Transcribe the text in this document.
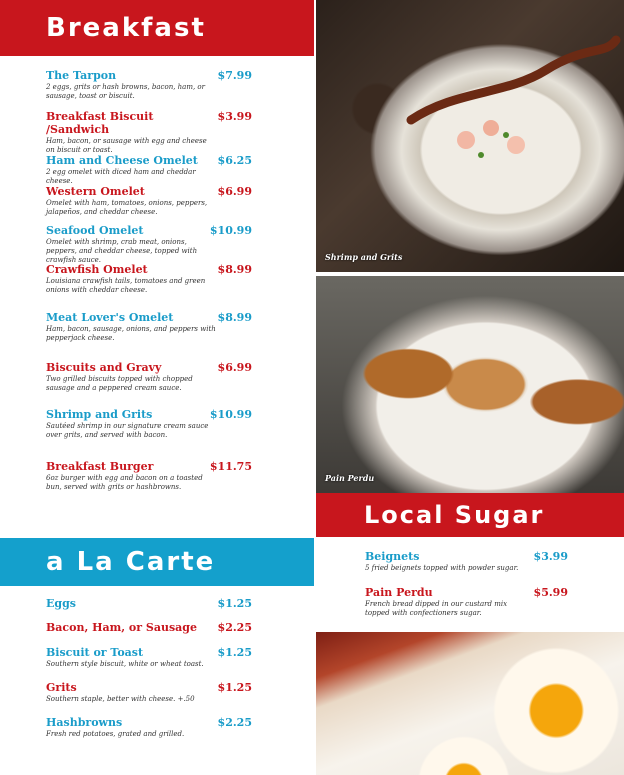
Breakfast
a La Carte
Local Sugar
The Tarpon	$7.99
2 eggs, grits or hash browns, bacon, ham, or sausage, toast or biscuit.
Breakfast Biscuit /Sandwich
$3.99
Ham, bacon, or sausage with egg and cheese on biscuit or toast.
Ham and Cheese Omelet $6.25
2 egg omelet with diced ham and cheddar cheese.
Western Omelet	$6.99
Omelet with ham, tomatoes, onions, peppers, jalapeños, and cheddar cheese.
Seafood Omelet	$10.99
Omelet with shrimp, crab meat, onions, peppers, and cheddar cheese, topped with crawfish sauce.
Crawfish Omelet	$8.99
Louisiana crawfish tails, tomatoes and green onions with cheddar cheese.
Meat Lover's Omelet	$8.99
Ham, bacon, sausage, onions, and peppers with pepperjack cheese.
Biscuits and Gravy	$6.99
Two grilled biscuits topped with chopped sausage and a peppered cream sauce.
Shrimp and Grits	$10.99
Sautéed shrimp in our signature cream sauce over grits, and served with bacon.
Breakfast Burger	$11.75
6oz burger with egg and bacon on a toasted bun, served with grits or hashbrowns.
Eggs	$1.25
Bacon, Ham, or Sausage $2.25
Biscuit or Toast	$1.25
Southern style biscuit, white or wheat toast.
Grits	$1.25
Southern staple, better with cheese. +.50
Hashbrowns	$2.25
Fresh red potatoes, grated and grilled.
Beignets	$3.99
5 fried beignets topped with powder sugar.
Pain Perdu	$5.99
French bread dipped in our custard mix topped with confectioners sugar.
Shrimp and Grits
Pain Perdu
